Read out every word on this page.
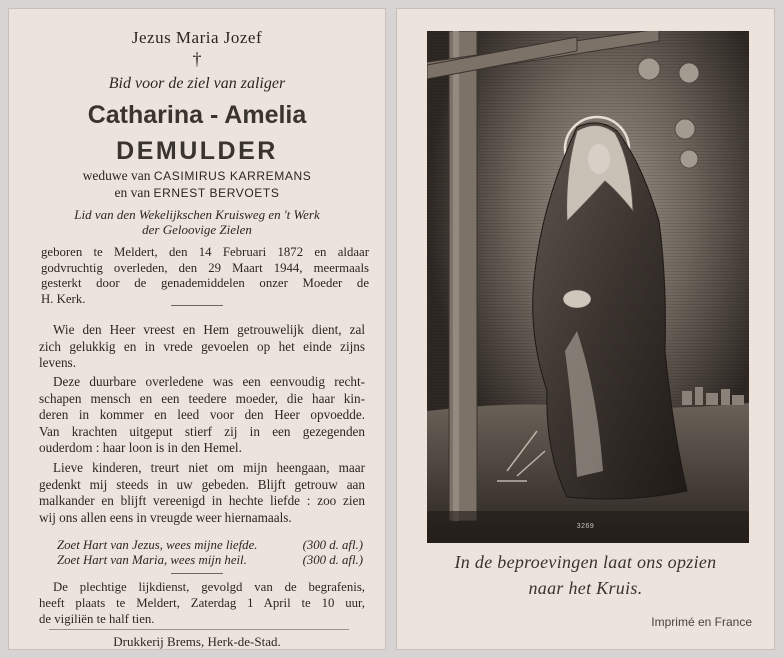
Jezus Maria Jozef
†
Bid voor de ziel van zaliger
Catharina - Amelia
DEMULDER
weduwe van CASIMIRUS KARREMANS
en van ERNEST BERVOETS
Lid van den Wekelijkschen Kruisweg en 't Werk
der Geloovige Zielen
geboren te Meldert, den 14 Februari 1872 en aldaar
godvruchtig overleden, den 29 Maart 1944, meermaals
gesterkt door de genademiddelen onzer Moeder de
H. Kerk.
Wie den Heer vreest en Hem getrouwelijk dient, zal
zich gelukkig en in vrede gevoelen op het einde zijns
levens.
Deze duurbare overledene was een eenvoudig recht-
schapen mensch en een teedere moeder, die haar kin-
deren in kommer en leed voor den Heer opvoedde.
Van krachten uitgeput stierf zij in een gezegenden
ouderdom : haar loon is in den Hemel.
Lieve kinderen, treurt niet om mijn heengaan, maar
gedenkt mij steeds in uw gebeden. Blijft getrouw aan
malkander en blijft vereenigd in hechte liefde : zoo zien
wij ons allen eens in vreugde weer hiernamaals.
Zoet Hart van Jezus, wees mijne liefde.	(300 d. afl.)
Zoet Hart van Maria, wees mijn heil.	(300 d. afl.)
De plechtige lijkdienst, gevolgd van de begrafenis,
heeft plaats te Meldert, Zaterdag 1 April te 10 uur,
de vigiliën te half tien.
Drukkerij Brems, Herk-de-Stad.
3269
In de beproevingen laat ons opzien
naar het Kruis.
Imprimé en France
